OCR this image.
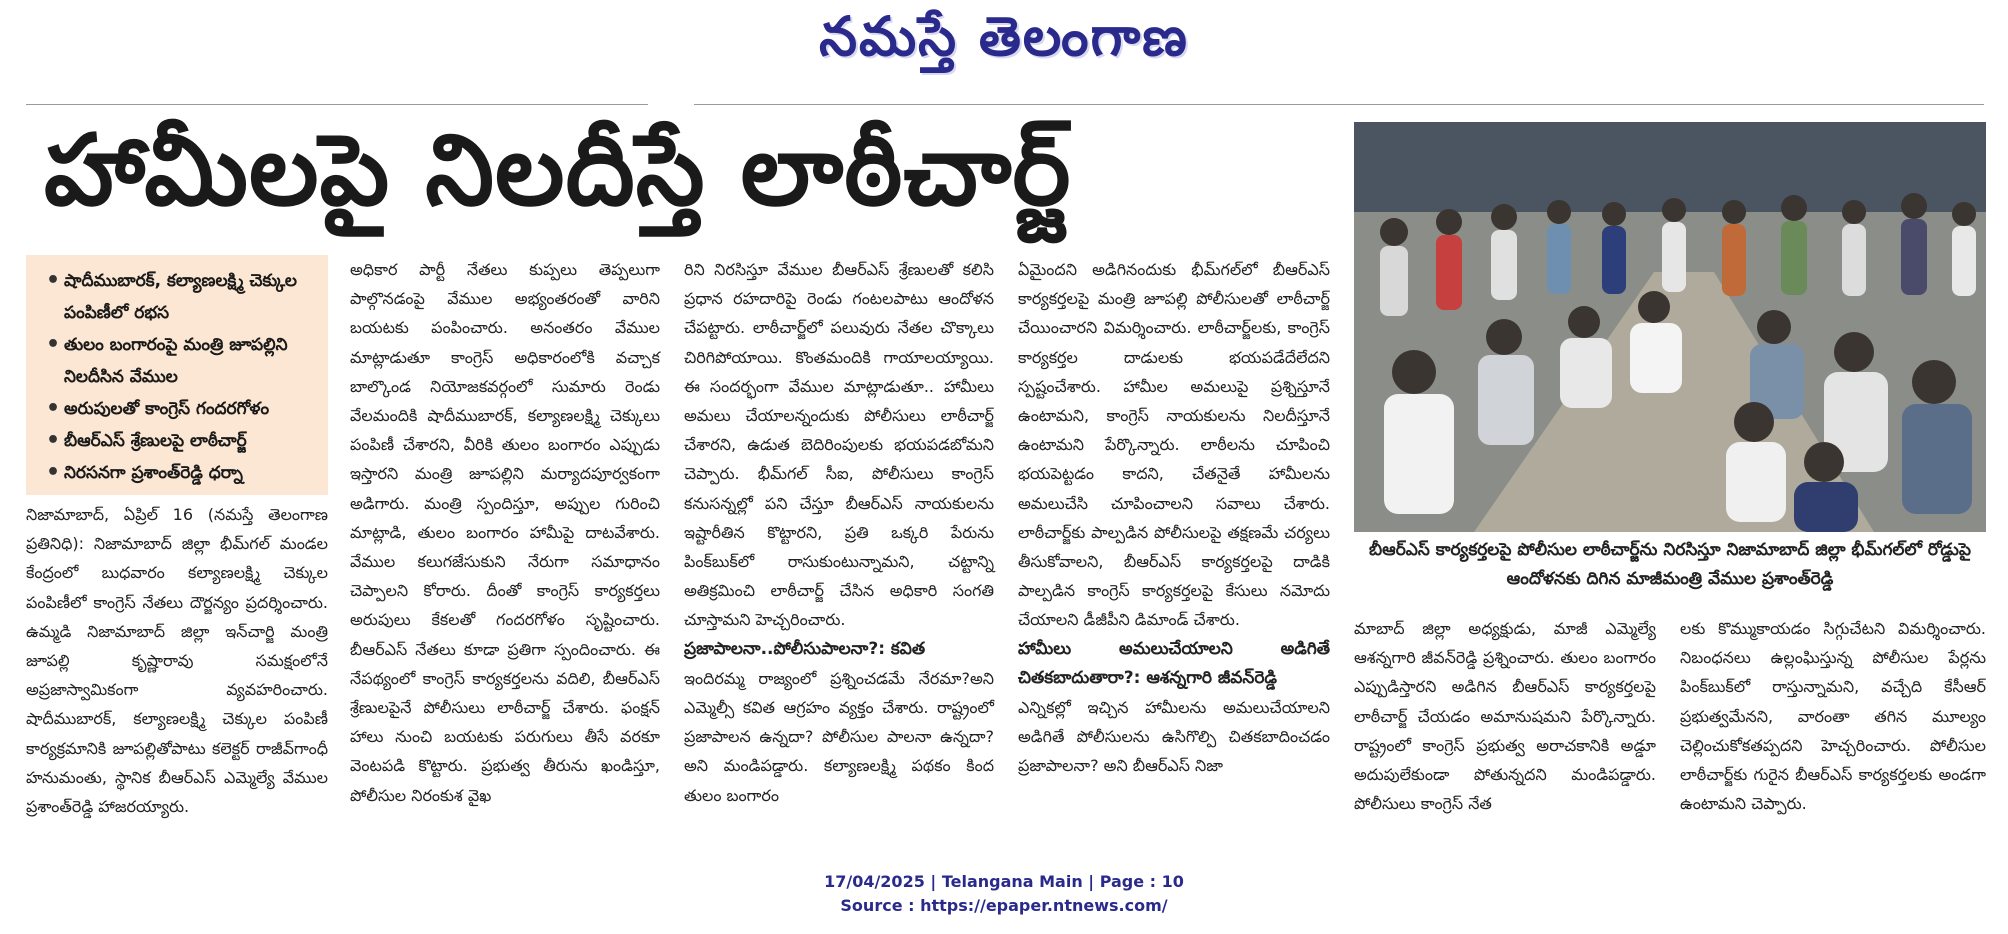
నమస్తే తెలంగాణ
హామీలపై నిలదీస్తే లాఠీచార్జ్
• షాదీముబారక్, కల్యాణలక్ష్మి చెక్కుల పంపిణీలో రభస
• తులం బంగారంపై మంత్రి జూపల్లిని నిలదీసిన వేముల
• అరుపులతో కాంగ్రెస్ గందరగోళం
• బీఆర్ఎస్ శ్రేణులపై లాఠీచార్జ్
• నిరసనగా ప్రశాంత్‌రెడ్డి ధర్నా

నిజామాబాద్, ఏప్రిల్ 16 (నమస్తే తెలంగాణ ప్రతినిధి): నిజామాబాద్ జిల్లా భీమ్‌గల్ మండల కేంద్రంలో బుధవారం కల్యాణలక్ష్మి చెక్కుల పంపిణీలో కాంగ్రెస్ నేతలు దౌర్జన్యం ప్రదర్శించారు. ఉమ్మడి నిజామాబాద్ జిల్లా ఇన్‌చార్జి మంత్రి జూపల్లి కృష్ణారావు సమక్షంలోనే అప్రజాస్వామికంగా వ్యవహరించారు. షాదీముబారక్, కల్యాణలక్ష్మి చెక్కుల పంపిణీ కార్యక్రమానికి జూపల్లితోపాటు కలెక్టర్ రాజీవ్‌గాంధీ హనుమంతు, స్థానిక బీఆర్ఎస్ ఎమ్మెల్యే వేముల ప్రశాంత్‌రెడ్డి హాజరయ్యారు.

అధికార పార్టీ నేతలు కుప్పలు తెప్పలుగా పాల్గొనడంపై వేముల అభ్యంతరంతో వారిని బయటకు పంపించారు. అనంతరం వేముల మాట్లాడుతూ కాంగ్రెస్ అధికారంలోకి వచ్చాక బాల్కొండ నియోజకవర్గంలో సుమారు రెండు వేలమందికి షాదీముబారక్, కల్యాణలక్ష్మి చెక్కులు పంపిణీ చేశారని, వీరికి తులం బంగారం ఎప్పుడు ఇస్తారని మంత్రి జూపల్లిని మర్యాదపూర్వకంగా అడిగారు. మంత్రి స్పందిస్తూ, అప్పుల గురించి మాట్లాడి, తులం బంగారం హామీపై దాటవేశారు. వేముల కలుగజేసుకుని నేరుగా సమాధానం చెప్పాలని కోరారు. దీంతో కాంగ్రెస్ కార్యకర్తలు అరుపులు కేకలతో గందరగోళం సృష్టించారు. బీఆర్ఎస్ నేతలు కూడా ప్రతిగా స్పందించారు. ఈ నేపథ్యంలో కాంగ్రెస్ కార్యకర్తలను వదిలి, బీఆర్ఎస్ శ్రేణులపైనే పోలీసులు లాఠీచార్జ్ చేశారు. ఫంక్షన్ హాలు నుంచి బయటకు పరుగులు తీసే వరకూ వెంటపడి కొట్టారు. ప్రభుత్వ తీరును ఖండిస్తూ, పోలీసుల నిరంకుశ వైఖ

రిని నిరసిస్తూ వేముల బీఆర్ఎస్ శ్రేణులతో కలిసి ప్రధాన రహదారిపై రెండు గంటలపాటు ఆందోళన చేపట్టారు. లాఠీచార్జ్‌లో పలువురు నేతల చొక్కాలు చిరిగిపోయాయి. కొంతమందికి గాయాలయ్యాయి. ఈ సందర్భంగా వేముల మాట్లాడుతూ.. హామీలు అమలు చేయాలన్నందుకు పోలీసులు లాఠీచార్జ్ చేశారని, ఉడుత బెదిరింపులకు భయపడబోమని చెప్పారు. భీమ్‌గల్ సీఐ, పోలీసులు కాంగ్రెస్ కనుసన్నల్లో పని చేస్తూ బీఆర్ఎస్ నాయకులను ఇష్టారీతిన కొట్టారని, ప్రతి ఒక్కరి పేరును పింక్‌బుక్‌లో రాసుకుంటున్నామని, చట్టాన్ని అతిక్రమించి లాఠీచార్జ్ చేసిన అధికారి సంగతి చూస్తామని హెచ్చరించారు.

ప్రజాపాలనా..పోలీసుపాలనా?: కవిత

ఇందిరమ్మ రాజ్యంలో ప్రశ్నించడమే నేరమా?అని ఎమ్మెల్సీ కవిత ఆగ్రహం వ్యక్తం చేశారు. రాష్ట్రంలో ప్రజాపాలన ఉన్నదా? పోలీసుల పాలనా ఉన్నదా? అని మండిపడ్డారు. కల్యాణలక్ష్మి పథకం కింద తులం బంగారం

ఏమైందని అడిగినందుకు భీమ్‌గల్‌లో బీఆర్ఎస్ కార్యకర్తలపై మంత్రి జూపల్లి పోలీసులతో లాఠీచార్జ్ చేయించారని విమర్శించారు. లాఠీచార్జ్‌లకు, కాంగ్రెస్ కార్యకర్తల దాడులకు భయపడేదేలేదని స్పష్టంచేశారు. హామీల అమలుపై ప్రశ్నిస్తూనే ఉంటామని, కాంగ్రెస్ నాయకులను నిలదీస్తూనే ఉంటామని పేర్కొన్నారు. లాఠీలను చూపించి భయపెట్టడం కాదని, చేతనైతే హామీలను అమలుచేసి చూపించాలని సవాలు చేశారు. లాఠీచార్జ్‌కు పాల్పడిన పోలీసులపై తక్షణమే చర్యలు తీసుకోవాలని, బీఆర్ఎస్ కార్యకర్తలపై దాడికి పాల్పడిన కాంగ్రెస్ కార్యకర్తలపై కేసులు నమోదు చేయాలని డీజీపీని డిమాండ్ చేశారు.

హామీలు అమలుచేయాలని అడిగితే చితకబాదుతారా?: ఆశన్నగారి జీవన్‌రెడ్డి

ఎన్నికల్లో ఇచ్చిన హామీలను అమలుచేయాలని అడిగితే పోలీసులను ఉసిగొల్పి చితకబాదించడం ప్రజాపాలనా? అని బీఆర్ఎస్ నిజా

బీఆర్ఎస్ కార్యకర్తలపై పోలీసుల లాఠీచార్జ్‌ను నిరసిస్తూ నిజామాబాద్ జిల్లా భీమ్‌గల్‌లో రోడ్డుపై ఆందోళనకు దిగిన మాజీమంత్రి వేముల ప్రశాంత్‌రెడ్డి

మాబాద్ జిల్లా అధ్యక్షుడు, మాజీ ఎమ్మెల్యే ఆశన్నగారి జీవన్‌రెడ్డి ప్రశ్నించారు. తులం బంగారం ఎప్పుడిస్తారని అడిగిన బీఆర్ఎస్ కార్యకర్తలపై లాఠీచార్జ్ చేయడం అమానుషమని పేర్కొన్నారు. రాష్ట్రంలో కాంగ్రెస్ ప్రభుత్వ అరాచకానికి అడ్డూ అదుపులేకుండా పోతున్నదని మండిపడ్డారు. పోలీసులు కాంగ్రెస్ నేత

లకు కొమ్ముకాయడం సిగ్గుచేటని విమర్శించారు. నిబంధనలు ఉల్లంఘిస్తున్న పోలీసుల పేర్లను పింక్‌బుక్‌లో రాస్తున్నామని, వచ్చేది కేసీఆర్ ప్రభుత్వమేనని, వారంతా తగిన మూల్యం చెల్లించుకోకతప్పదని హెచ్చరించారు. పోలీసుల లాఠీచార్జ్‌కు గురైన బీఆర్ఎస్ కార్యకర్తలకు అండగా ఉంటామని చెప్పారు.

17/04/2025 | Telangana Main | Page : 10
Source : https://epaper.ntnews.com/
